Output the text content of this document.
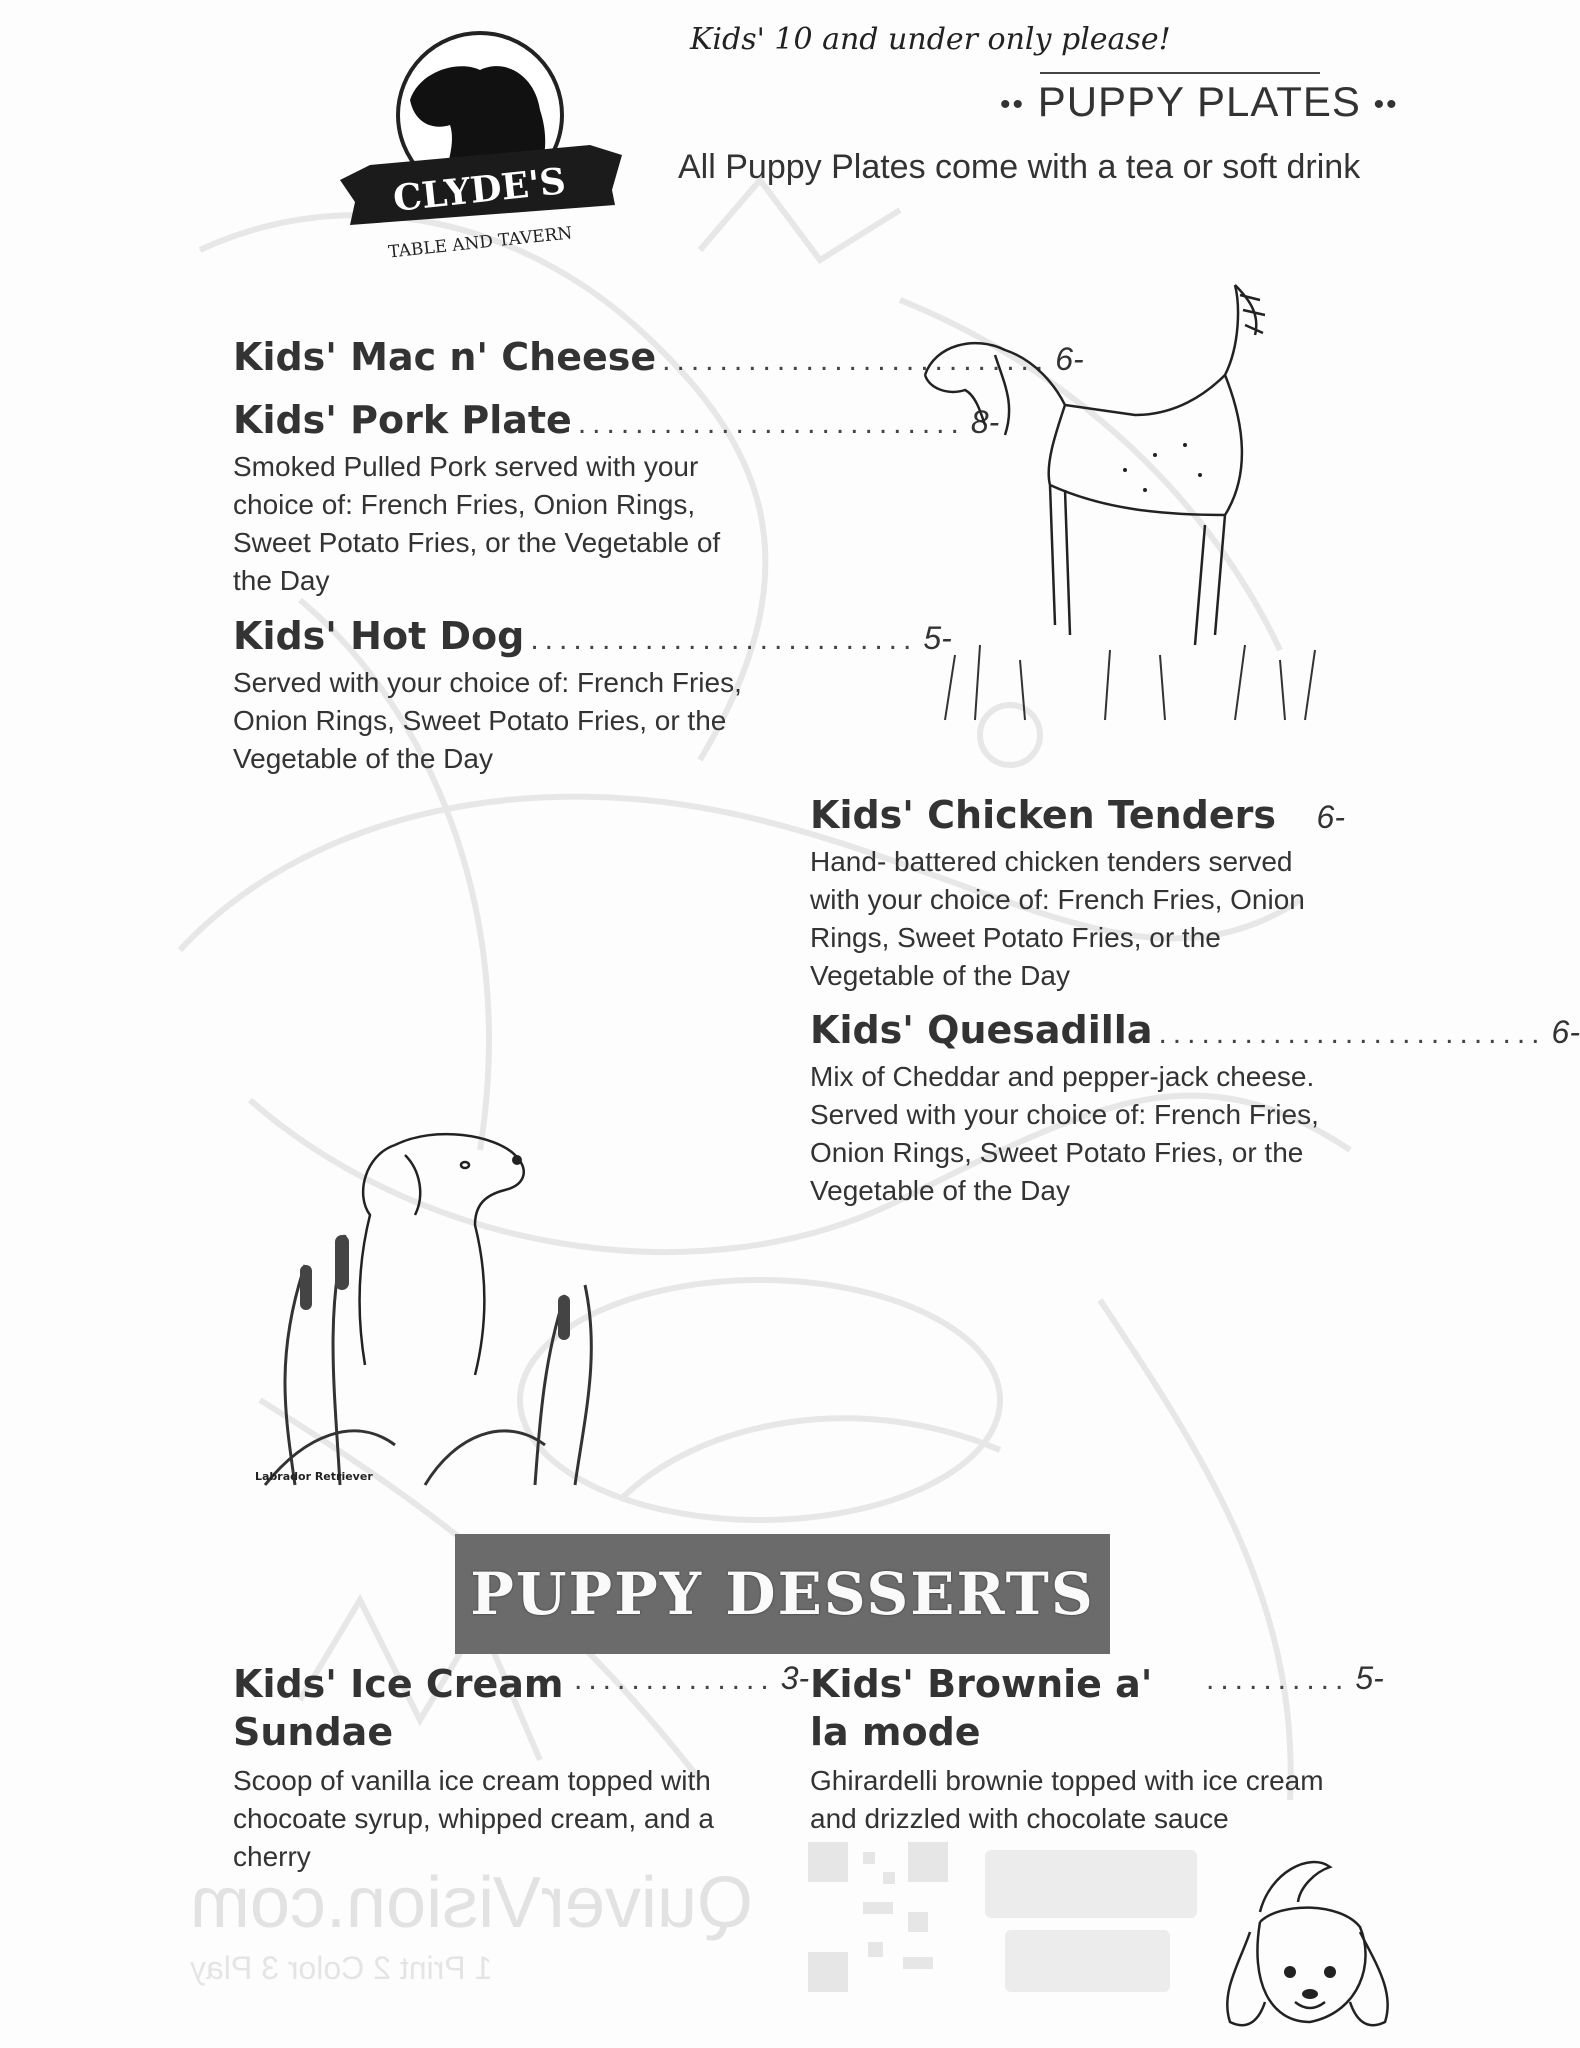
CLYDE'S
TABLE AND TAVERN
Kids' 10 and under only please!
•• PUPPY PLATES ••
All Puppy Plates come with a tea or soft drink
Kids' Mac n' Cheese ........................... 6-
Kids' Pork Plate ........................... 8-
Smoked Pulled Pork served with your choice of: French Fries, Onion Rings, Sweet Potato Fries, or the Vegetable of the Day
Kids' Hot Dog ........................... 5-
Served with your choice of: French Fries, Onion Rings, Sweet Potato Fries, or the Vegetable of the Day
Kids' Chicken Tenders 6-
Hand- battered chicken tenders served with your choice of: French Fries, Onion Rings, Sweet Potato Fries, or the Vegetable of the Day
Kids' Quesadilla ........................... 6-
Mix of Cheddar and pepper-jack cheese. Served with your choice of: French Fries, Onion Rings, Sweet Potato Fries, or the Vegetable of the Day
Labrador Retriever
PUPPY DESSERTS
Kids' Ice Cream Sundae
.............. 3-
Scoop of vanilla ice cream topped with chocoate syrup, whipped cream, and a cherry
Kids' Brownie a' la mode
.......... 5-
Ghirardelli brownie topped with ice cream and drizzled with chocolate sauce
QuiverVision.com
1 Print 2 Color 3 Play
